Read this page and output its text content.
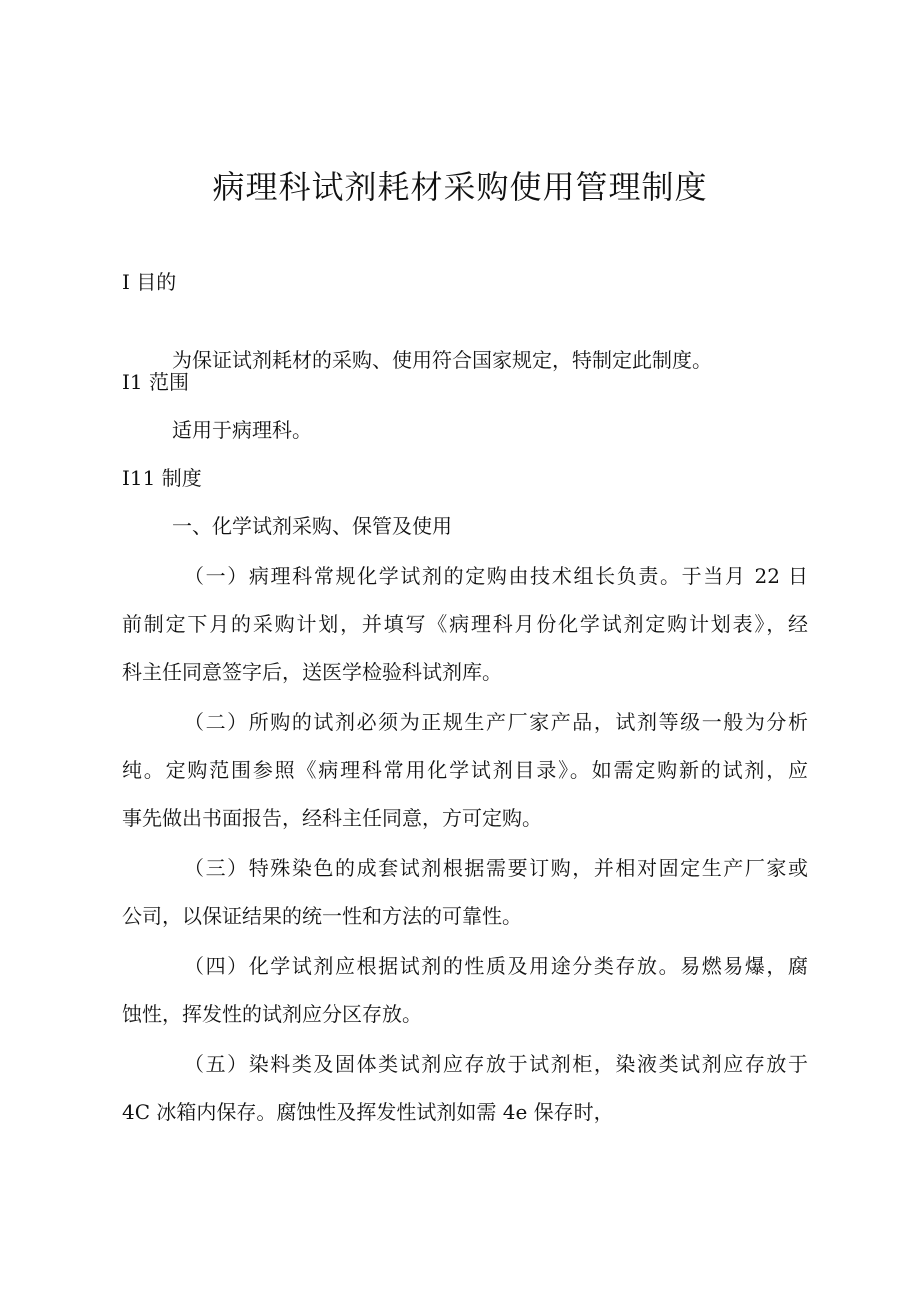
病理科试剂耗材采购使用管理制度
I 目的
为保证试剂耗材的采购、使用符合国家规定，特制定此制度。
I1 范围
适用于病理科。
I11 制度
一、化学试剂采购、保管及使用
（一）病理科常规化学试剂的定购由技术组长负责。于当月 22 日
前制定下月的采购计划，并填写《病理科月份化学试剂定购计划表》，经
科主任同意签字后，送医学检验科试剂库。
（二）所购的试剂必须为正规生产厂家产品，试剂等级一般为分析
纯。定购范围参照《病理科常用化学试剂目录》。如需定购新的试剂，应
事先做出书面报告，经科主任同意，方可定购。
（三）特殊染色的成套试剂根据需要订购，并相对固定生产厂家或
公司，以保证结果的统一性和方法的可靠性。
（四）化学试剂应根据试剂的性质及用途分类存放。易燃易爆，腐
蚀性，挥发性的试剂应分区存放。
（五）染料类及固体类试剂应存放于试剂柜，染液类试剂应存放于
4C 冰箱内保存。腐蚀性及挥发性试剂如需 4e 保存时，
